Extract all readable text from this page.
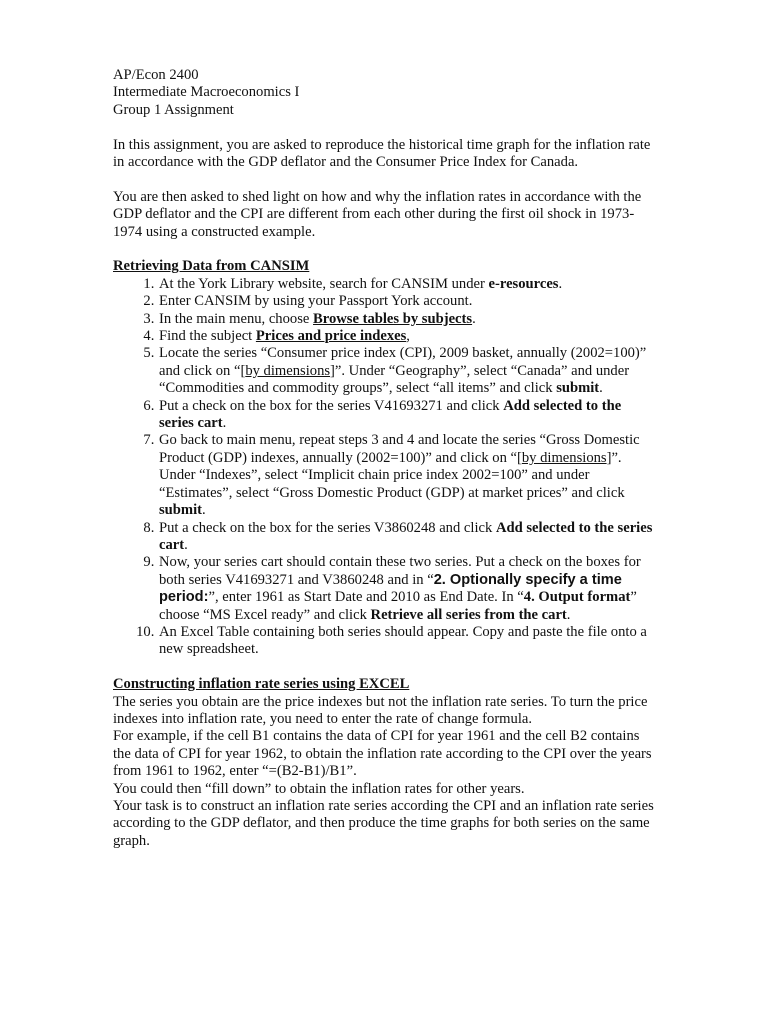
AP/Econ 2400

Intermediate Macroeconomics I

Group 1 Assignment

In this assignment, you are asked to reproduce the historical time graph for the inflation rate in accordance with the GDP deflator and the Consumer Price Index for Canada.

You are then asked to shed light on how and why the inflation rates in accordance with the GDP deflator and the CPI are different from each other during the first oil shock in 1973-1974 using a constructed example.

Retrieving Data from CANSIM

1. At the York Library website, search for CANSIM under e-resources.
2. Enter CANSIM by using your Passport York account.
3. In the main menu, choose Browse tables by subjects.
4. Find the subject Prices and price indexes,
5. Locate the series “Consumer price index (CPI), 2009 basket, annually (2002=100)” and click on “[by dimensions]”. Under “Geography”, select “Canada” and under “Commodities and commodity groups”, select “all items” and click submit.
6. Put a check on the box for the series V41693271 and click Add selected to the series cart.
7. Go back to main menu, repeat steps 3 and 4 and locate the series “Gross Domestic Product (GDP) indexes, annually (2002=100)” and click on “[by dimensions]”. Under “Indexes”, select “Implicit chain price index 2002=100” and under “Estimates”, select “Gross Domestic Product (GDP) at market prices” and click submit.
8. Put a check on the box for the series V3860248 and click Add selected to the series cart.
9. Now, your series cart should contain these two series. Put a check on the boxes for both series V41693271 and V3860248 and in “2. Optionally specify a time period:”, enter 1961 as Start Date and 2010 as End Date. In “4. Output format” choose “MS Excel ready” and click Retrieve all series from the cart.
10. An Excel Table containing both series should appear. Copy and paste the file onto a new spreadsheet.

Constructing inflation rate series using EXCEL

The series you obtain are the price indexes but not the inflation rate series. To turn the price indexes into inflation rate, you need to enter the rate of change formula.

For example, if the cell B1 contains the data of CPI for year 1961 and the cell B2 contains the data of CPI for year 1962, to obtain the inflation rate according to the CPI over the years from 1961 to 1962, enter “=(B2-B1)/B1”.

You could then “fill down” to obtain the inflation rates for other years.

Your task is to construct an inflation rate series according the CPI and an inflation rate series according to the GDP deflator, and then produce the time graphs for both series on the same graph.
